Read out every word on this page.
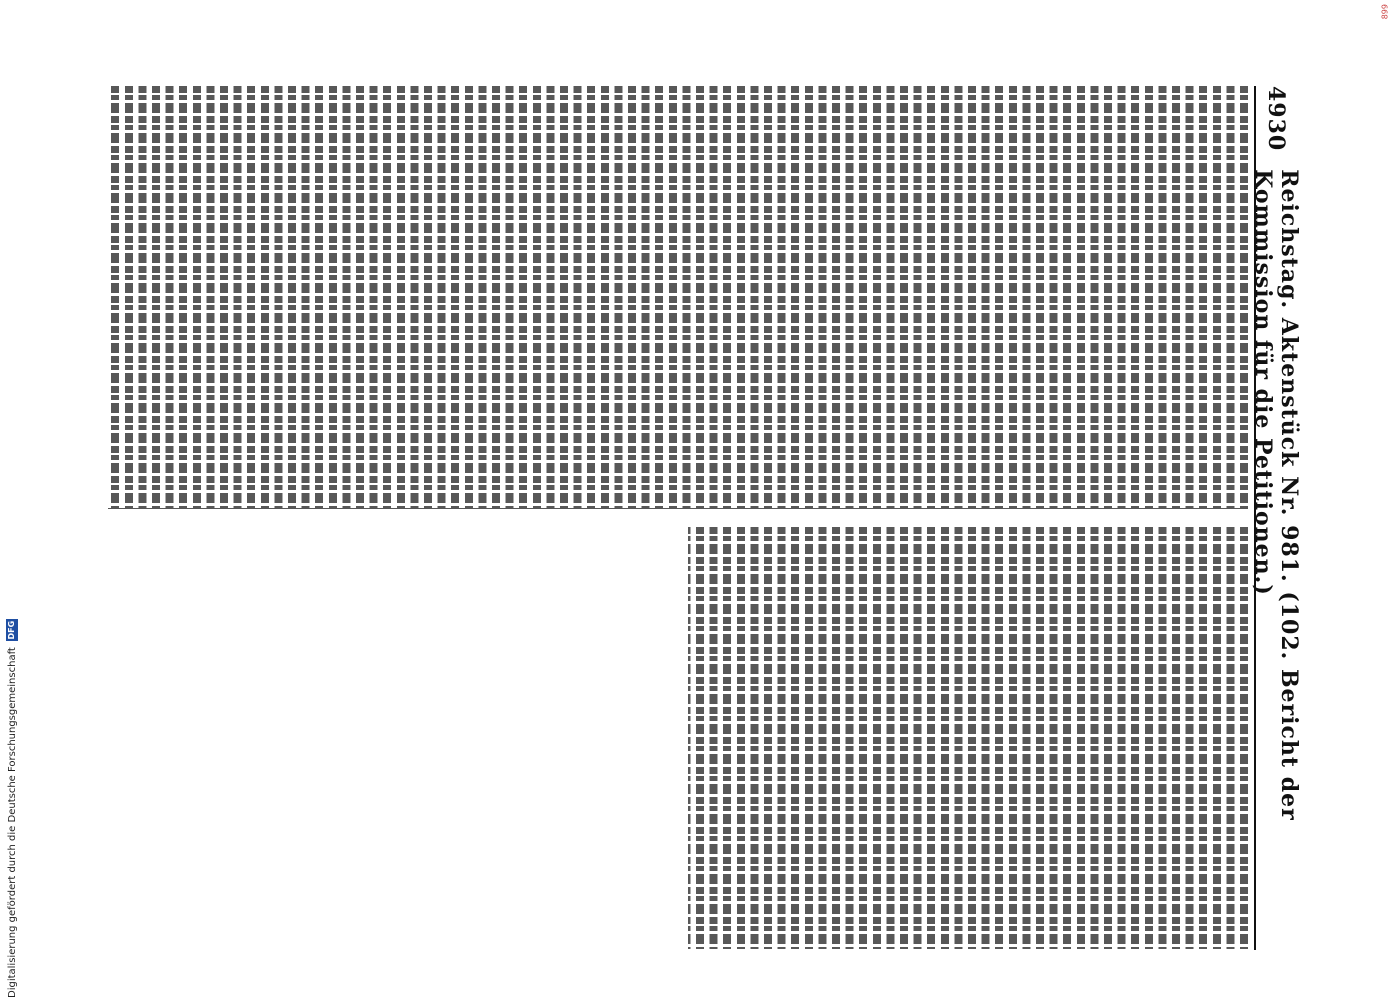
4930
Reichstag. Aktenstück Nr. 981. (102. Bericht der Kommission für die Petitionen.)
Digitalisierung gefördert durch die Deutsche Forschungsgemeinschaft
DFG
899
